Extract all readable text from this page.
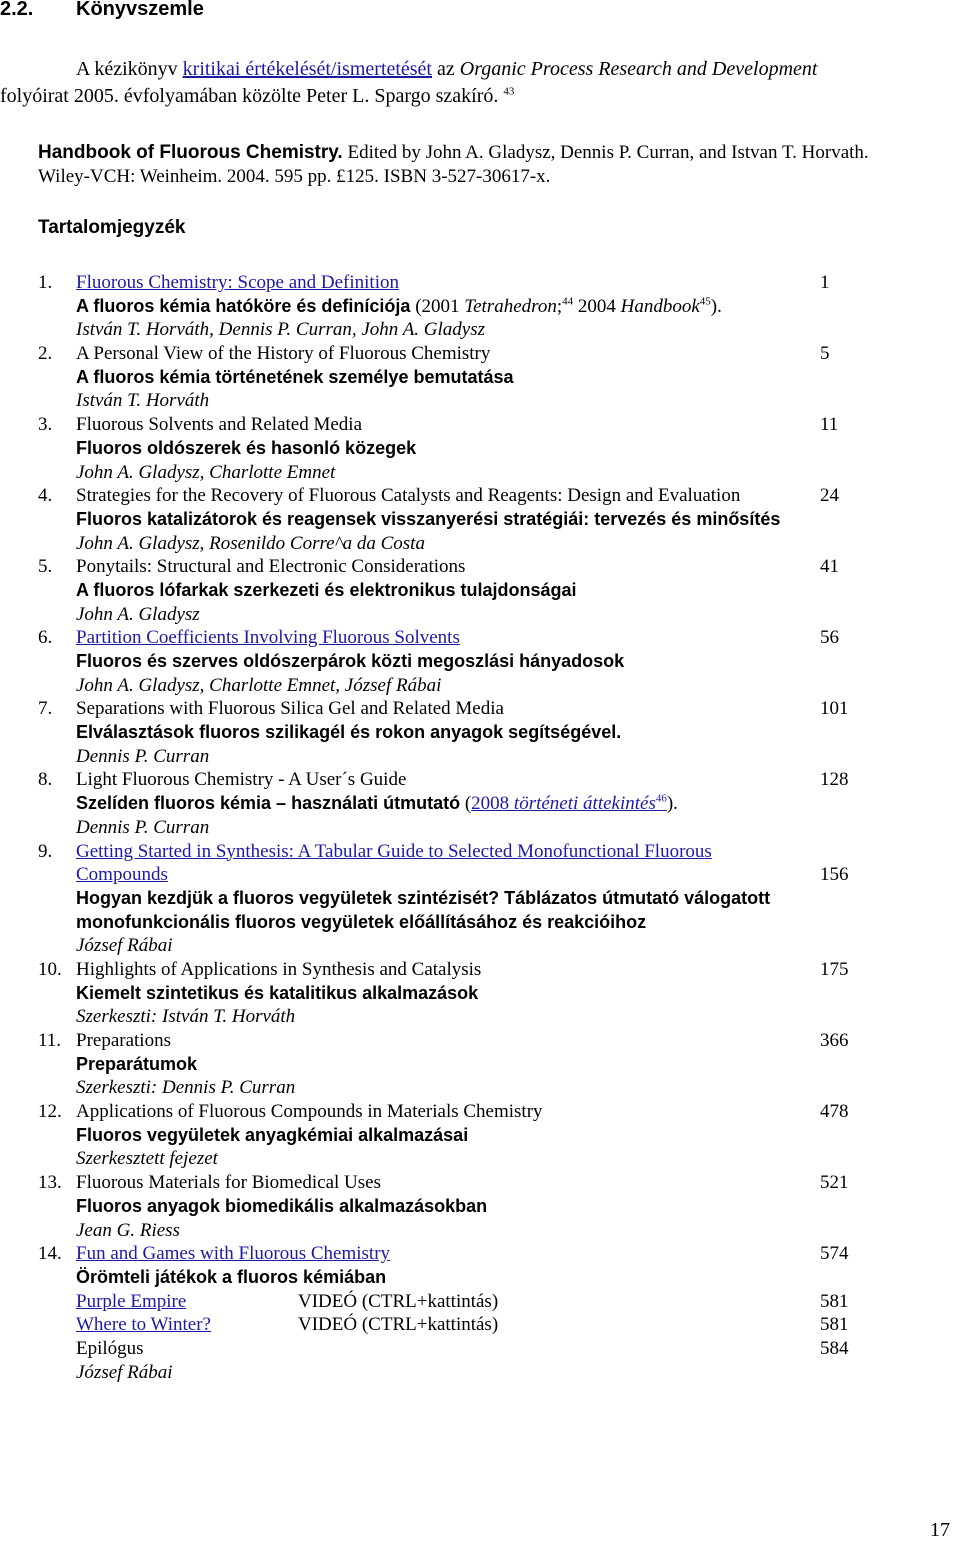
2.2. Könyvszemle
A kézikönyv kritikai értékelését/ismertetését az Organic Process Research and Development
folyóirat 2005. évfolyamában közölte Peter L. Spargo szakíró. $^{43}$
Handbook of Fluorous Chemistry. Edited by John A. Gladysz, Dennis P. Curran, and Istvan T. Horvath.
Wiley-VCH: Weinheim. 2004. 595 pp. £125. ISBN 3-527-30617-x.
Tartalomjegyzék
1. Fluorous Chemistry: Scope and Definition	1
A fluoros kémia hatóköre és definíciója (2001 Tetrahedron;$^{44}$ 2004 Handbook$^{45}$).
István T. Horváth, Dennis P. Curran, John A. Gladysz
2. A Personal View of the History of Fluorous Chemistry	5
A fluoros kémia történetének személye bemutatása
István T. Horváth
3. Fluorous Solvents and Related Media	11
Fluoros oldószerek és hasonló közegek
John A. Gladysz, Charlotte Emnet
4. Strategies for the Recovery of Fluorous Catalysts and Reagents: Design and Evaluation	24
Fluoros katalizátorok és reagensek visszanyerési stratégiái: tervezés és minősítés
John A. Gladysz, Rosenildo Corre^a da Costa
5. Ponytails: Structural and Electronic Considerations	41
A fluoros lófarkak szerkezeti és elektronikus tulajdonságai
John A. Gladysz
6. Partition Coefficients Involving Fluorous Solvents	56
Fluoros és szerves oldószerpárok közti megoszlási hányadosok
John A. Gladysz, Charlotte Emnet, József Rábai
7. Separations with Fluorous Silica Gel and Related Media	101
Elválasztások fluoros szilikagél és rokon anyagok segítségével.
Dennis P. Curran
8. Light Fluorous Chemistry - A User´s Guide	128
Szelíden fluoros kémia – használati útmutató (2008 történeti áttekintés$^{46}$).
Dennis P. Curran
9. Getting Started in Synthesis: A Tabular Guide to Selected Monofunctional Fluorous Compounds	156
Hogyan kezdjük a fluoros vegyületek szintézisét? Táblázatos útmutató válogatott monofunkcionális fluoros vegyületek előállításához és reakcióihoz
József Rábai
10. Highlights of Applications in Synthesis and Catalysis	175
Kiemelt szintetikus és katalitikus alkalmazások
Szerkeszti: István T. Horváth
11. Preparations	366
Preparátumok
Szerkeszti: Dennis P. Curran
12. Applications of Fluorous Compounds in Materials Chemistry	478
Fluoros vegyületek anyagkémiai alkalmazásai
Szerkesztett fejezet
13. Fluorous Materials for Biomedical Uses	521
Fluoros anyagok biomedikális alkalmazásokban
Jean G. Riess
14. Fun and Games with Fluorous Chemistry	574
Örömteli játékok a fluoros kémiában
Purple Empire	VIDEÓ (CTRL+kattintás)	581
Where to Winter?	VIDEÓ (CTRL+kattintás)	581
Epilógus	584
József Rábai
17
